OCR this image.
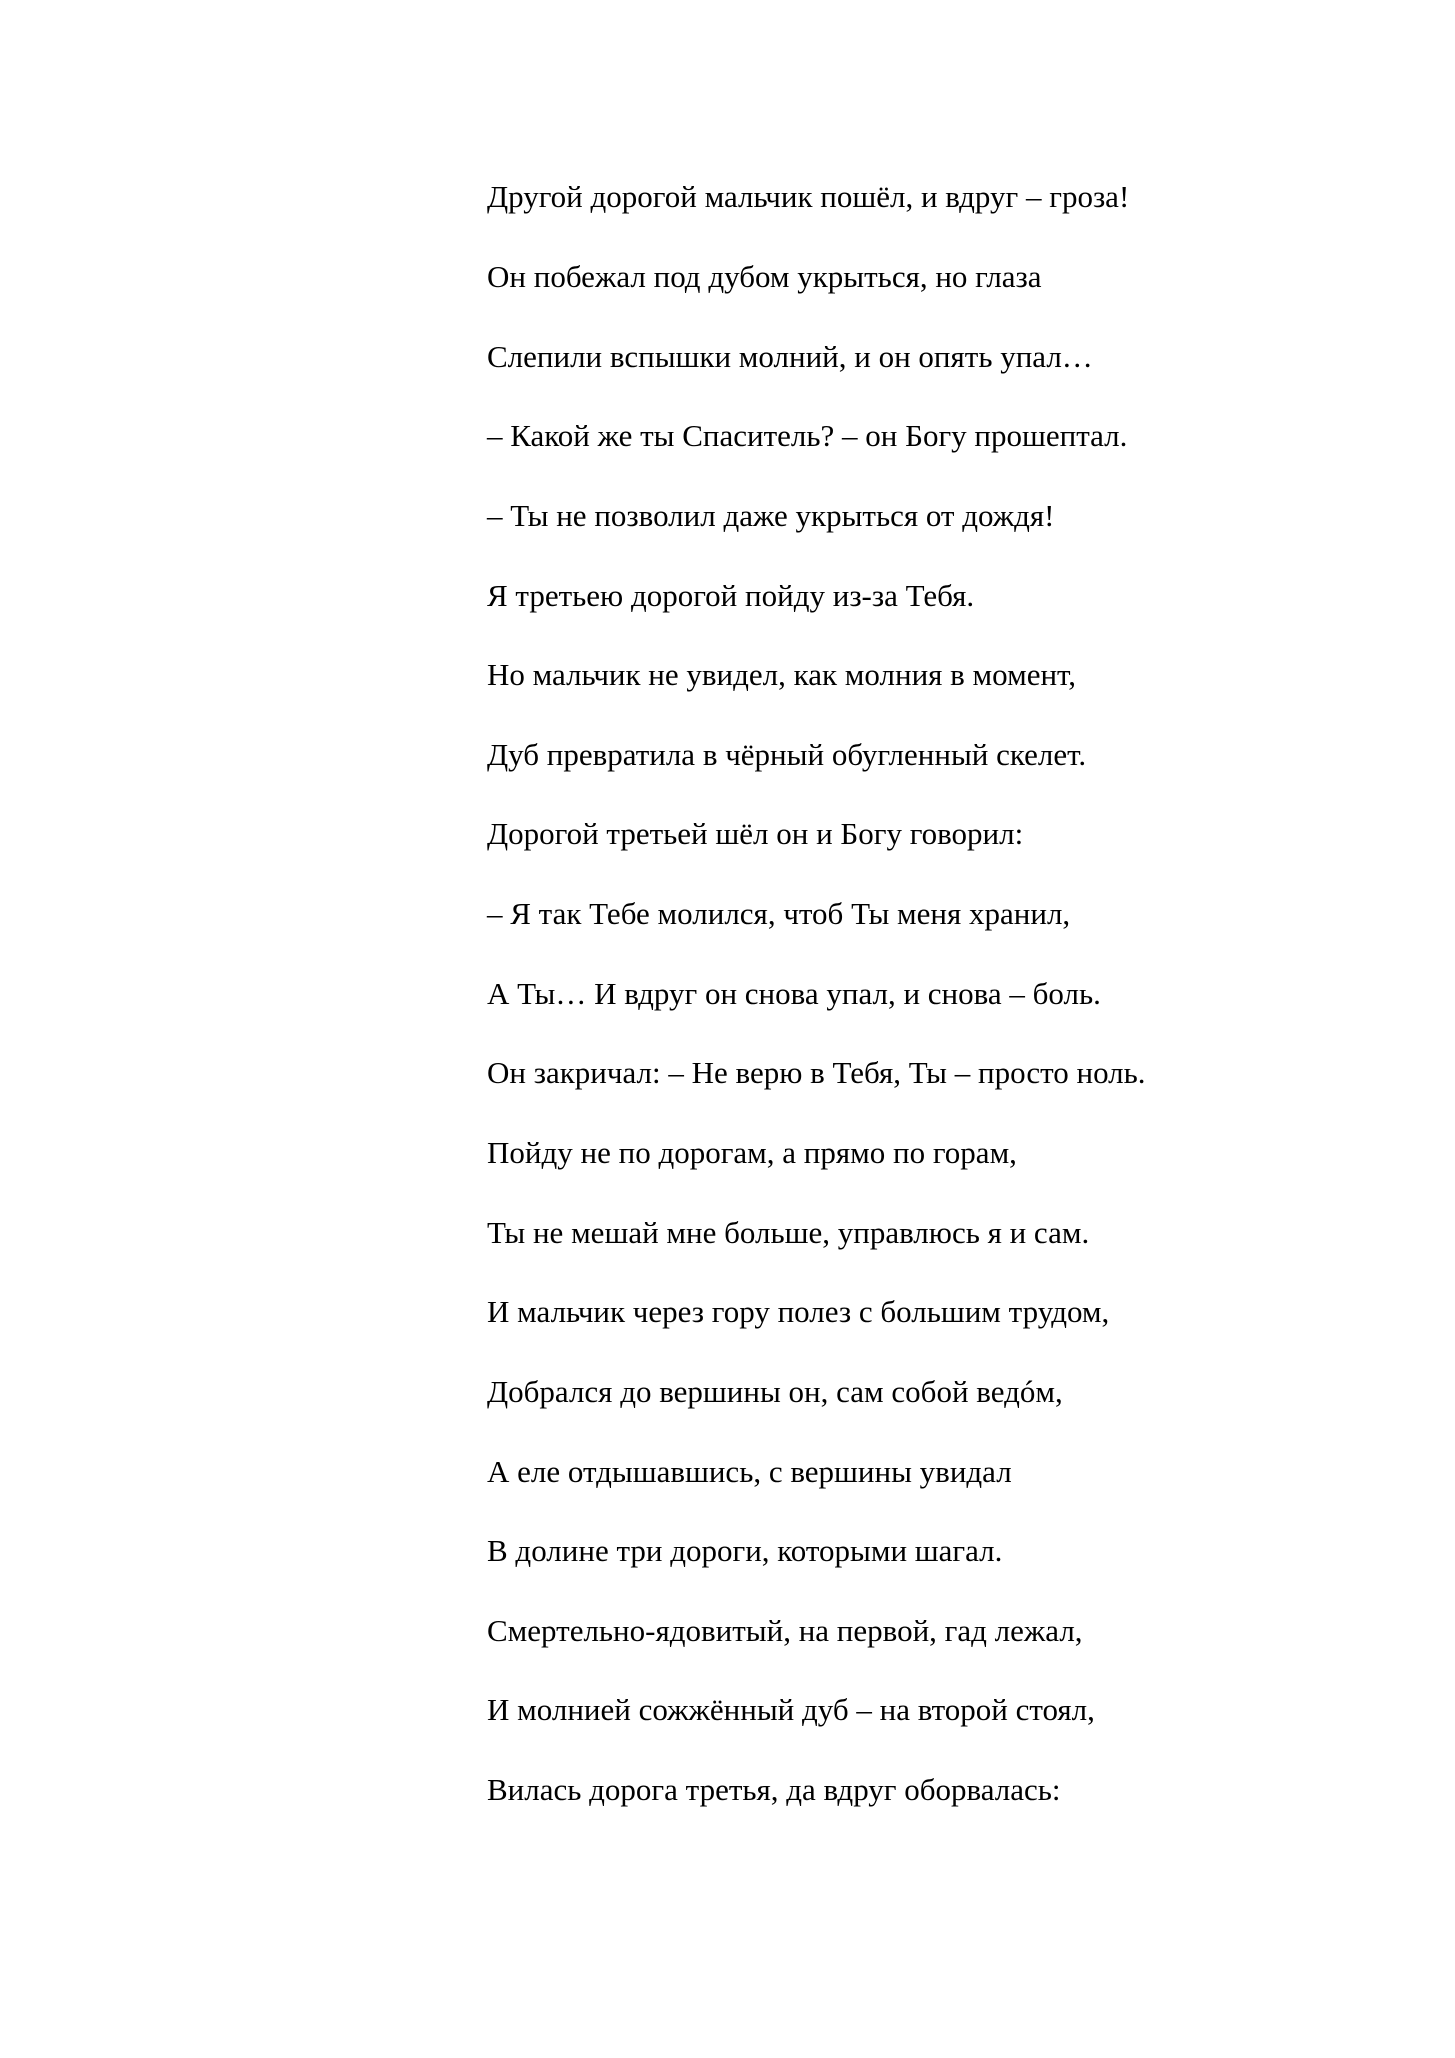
Другой дорогой мальчик пошёл, и вдруг – гроза!
Он побежал под дубом укрыться, но глаза
Слепили вспышки молний, и он опять упал…
– Какой же ты Спаситель? – он Богу прошептал.
– Ты не позволил даже укрыться от дождя!
Я третьею дорогой пойду из-за Тебя.
Но мальчик не увидел, как молния в момент,
Дуб превратила в чёрный обугленный скелет.
Дорогой третьей шёл он и Богу говорил:
– Я так Тебе молился, чтоб Ты меня хранил,
А Ты… И вдруг он снова упал, и снова – боль.
Он закричал: – Не верю в Тебя, Ты – просто ноль.
Пойду не по дорогам, а прямо по горам,
Ты не мешай мне больше, управлюсь я и сам.
И мальчик через гору полез с большим трудом,
Добрался до вершины он, сам собой ведóм,
А еле отдышавшись, с вершины увидал
В долине три дороги, которыми шагал.
Смертельно-ядовитый, на первой, гад лежал,
И молнией сожжённый дуб – на второй стоял,
Вилась дорога третья, да вдруг оборвалась:
